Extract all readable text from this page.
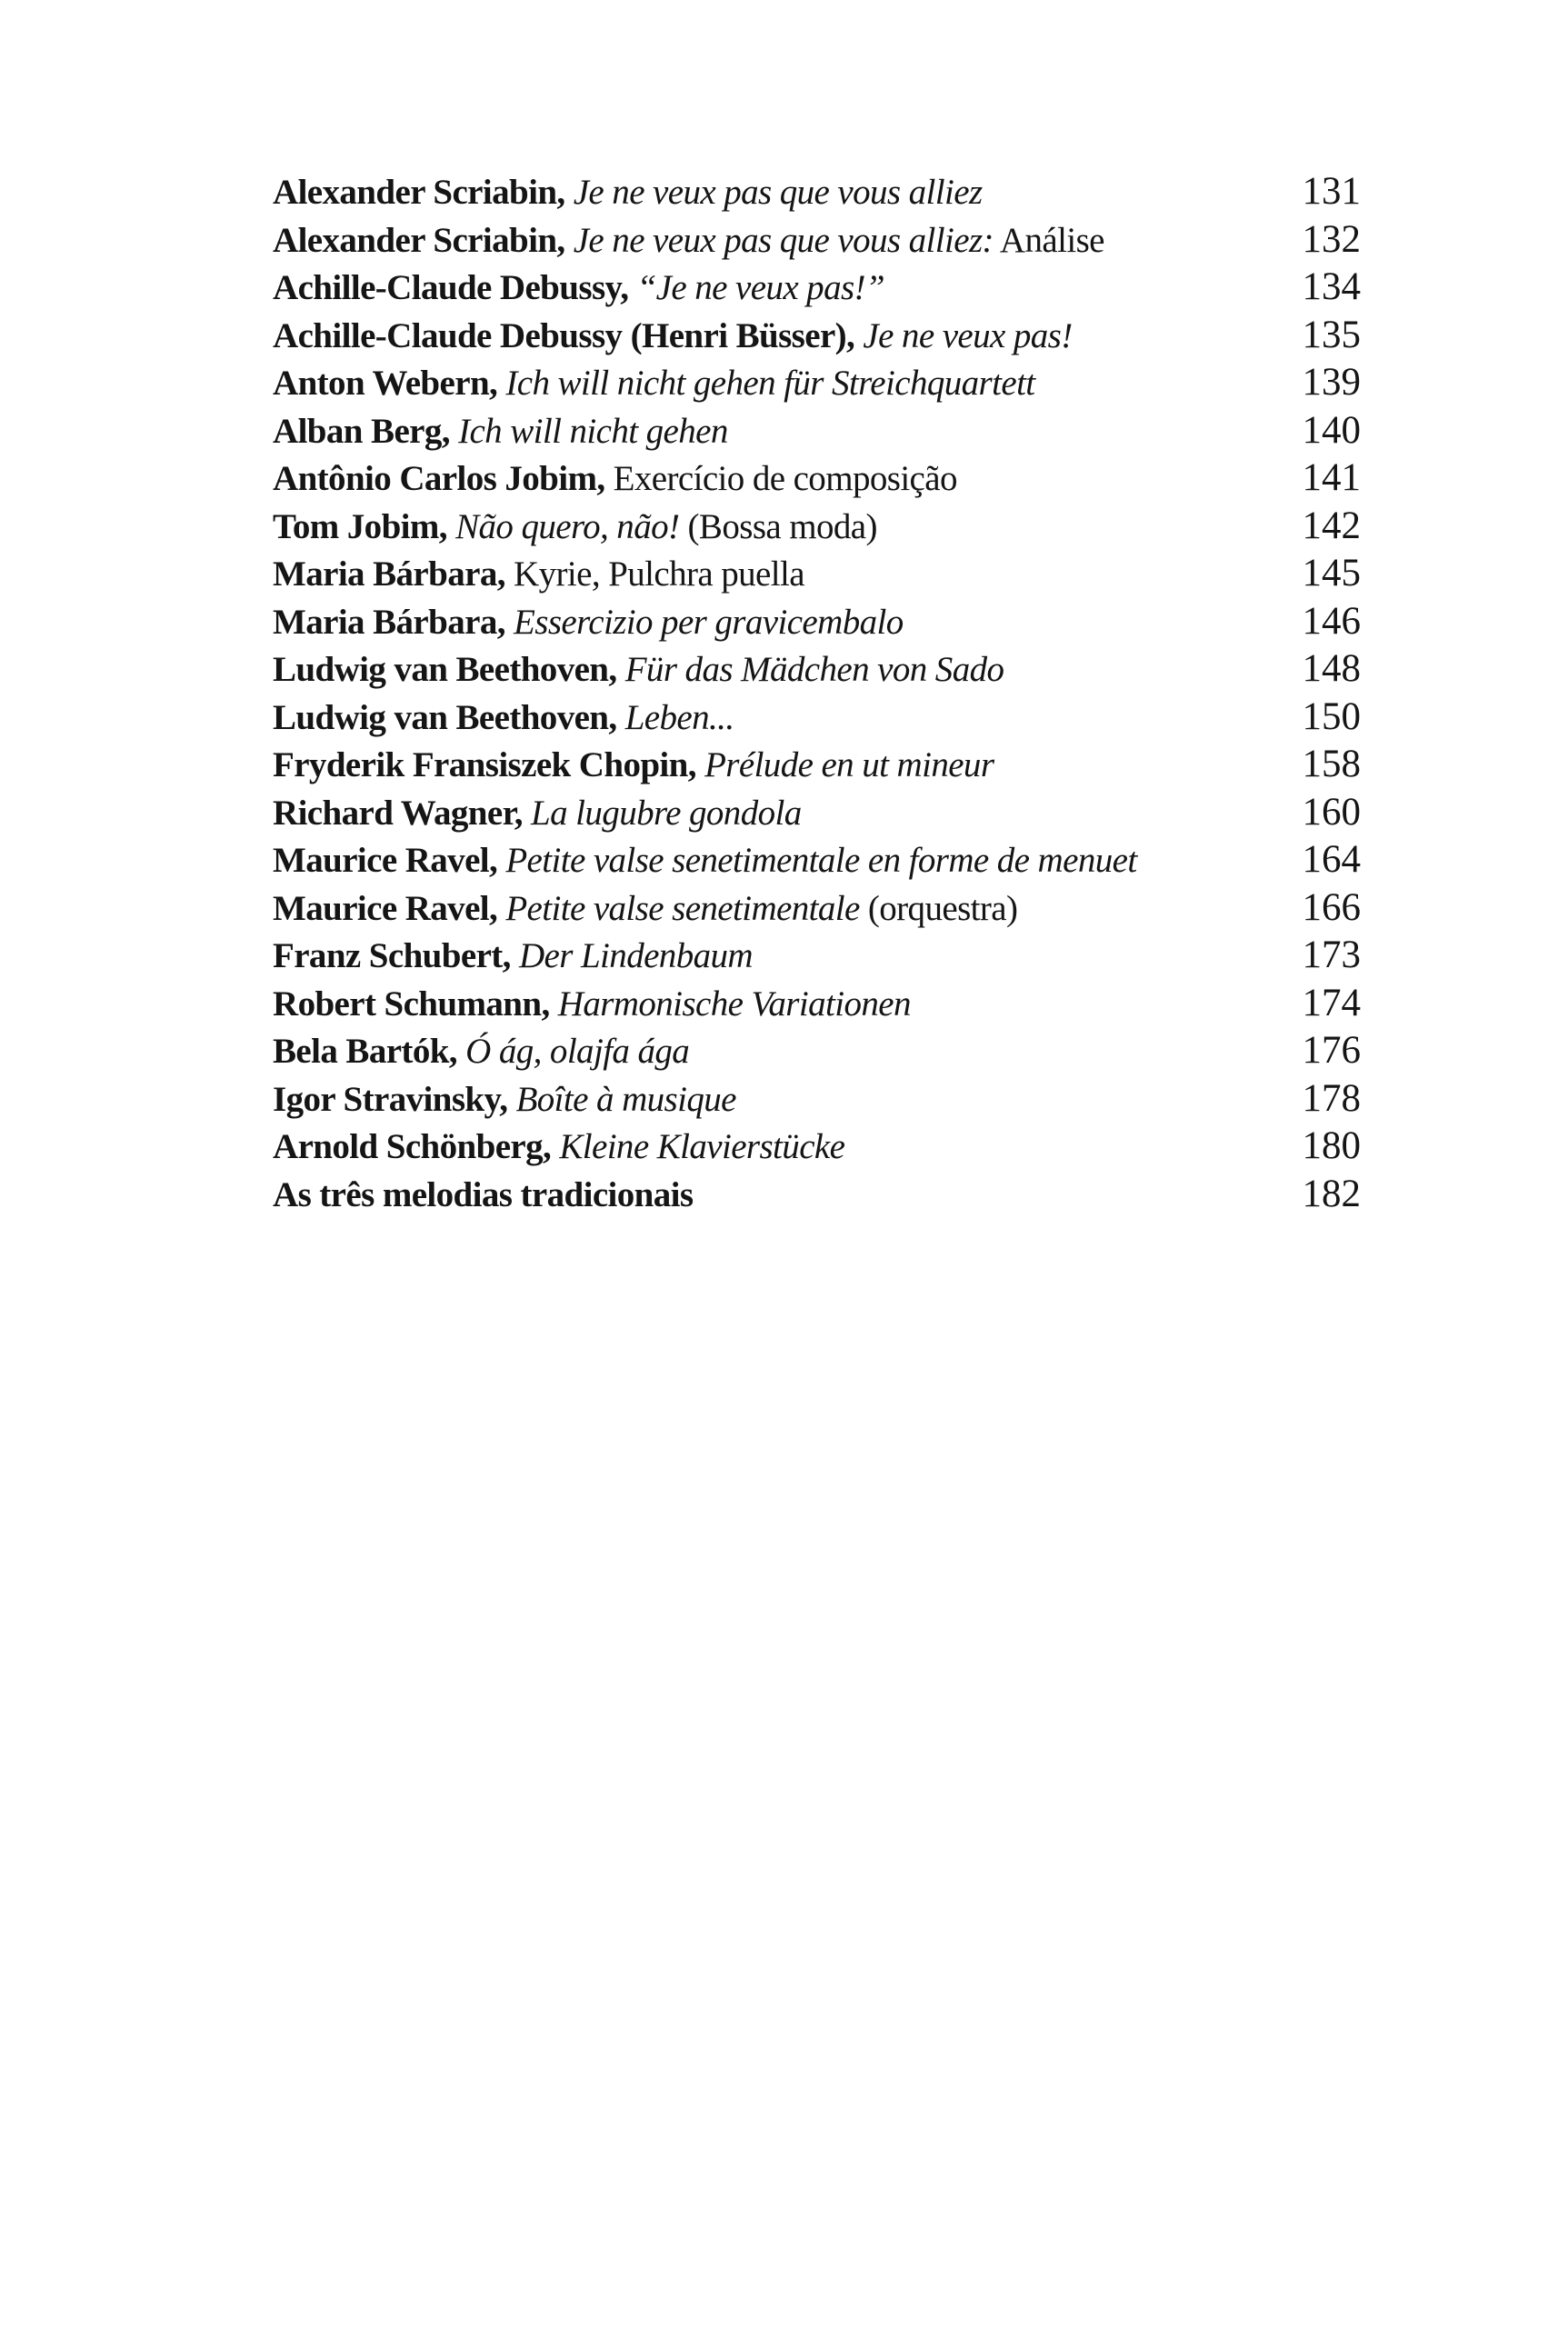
Alexander Scriabin, Je ne veux pas que vous alliez	131
Alexander Scriabin, Je ne veux pas que vous alliez: Análise	132
Achille-Claude Debussy, “Je ne veux pas!”	134
Achille-Claude Debussy (Henri Büsser), Je ne veux pas!	135
Anton Webern, Ich will nicht gehen für Streichquartett	139
Alban Berg, Ich will nicht gehen	140
Antônio Carlos Jobim, Exercício de composição	141
Tom Jobim, Não quero, não! (Bossa moda)	142
Maria Bárbara, Kyrie, Pulchra puella	145
Maria Bárbara, Essercizio per gravicembalo	146
Ludwig van Beethoven, Für das Mädchen von Sado	148
Ludwig van Beethoven, Leben...	150
Fryderik Fransiszek Chopin, Prélude en ut mineur	158
Richard Wagner, La lugubre gondola	160
Maurice Ravel, Petite valse senetimentale en forme de menuet	164
Maurice Ravel, Petite valse senetimentale (orquestra)	166
Franz Schubert, Der Lindenbaum	173
Robert Schumann, Harmonische Variationen	174
Bela Bartók, Ó ág, olajfa ága	176
Igor Stravinsky, Boîte à musique	178
Arnold Schönberg, Kleine Klavierstücke	180
As três melodias tradicionais	182
